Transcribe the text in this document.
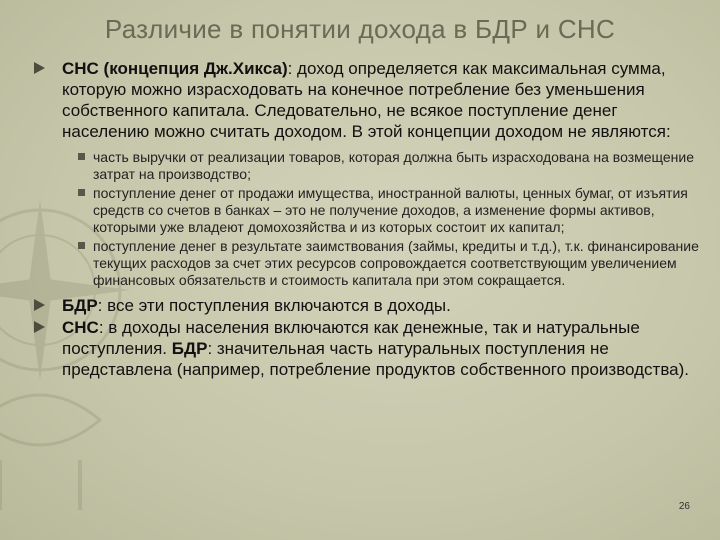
Различие в понятии дохода в БДР и СНС
СНС (концепция Дж.Хикса): доход определяется как максимальная сумма, которую можно израсходовать на конечное потребление без уменьшения собственного капитала. Следовательно, не всякое поступление денег населению можно считать доходом. В этой концепции доходом не являются:
часть выручки от реализации товаров, которая должна быть израсходована на возмещение затрат на производство;
поступление денег от продажи имущества, иностранной валюты, ценных бумаг, от изъятия средств со счетов в банках – это не получение доходов, а изменение формы активов, которыми уже владеют домохозяйства и из которых состоит их капитал;
поступление денег в результате заимствования (займы, кредиты и т.д.), т.к. финансирование текущих расходов за счет этих ресурсов сопровождается соответствующим увеличением финансовых обязательств и стоимость капитала при этом сокращается.
БДР: все эти поступления включаются в доходы.
СНС: в доходы населения включаются как денежные, так и натуральные поступления. БДР: значительная часть натуральных поступления не представлена (например, потребление продуктов собственного производства).
26
